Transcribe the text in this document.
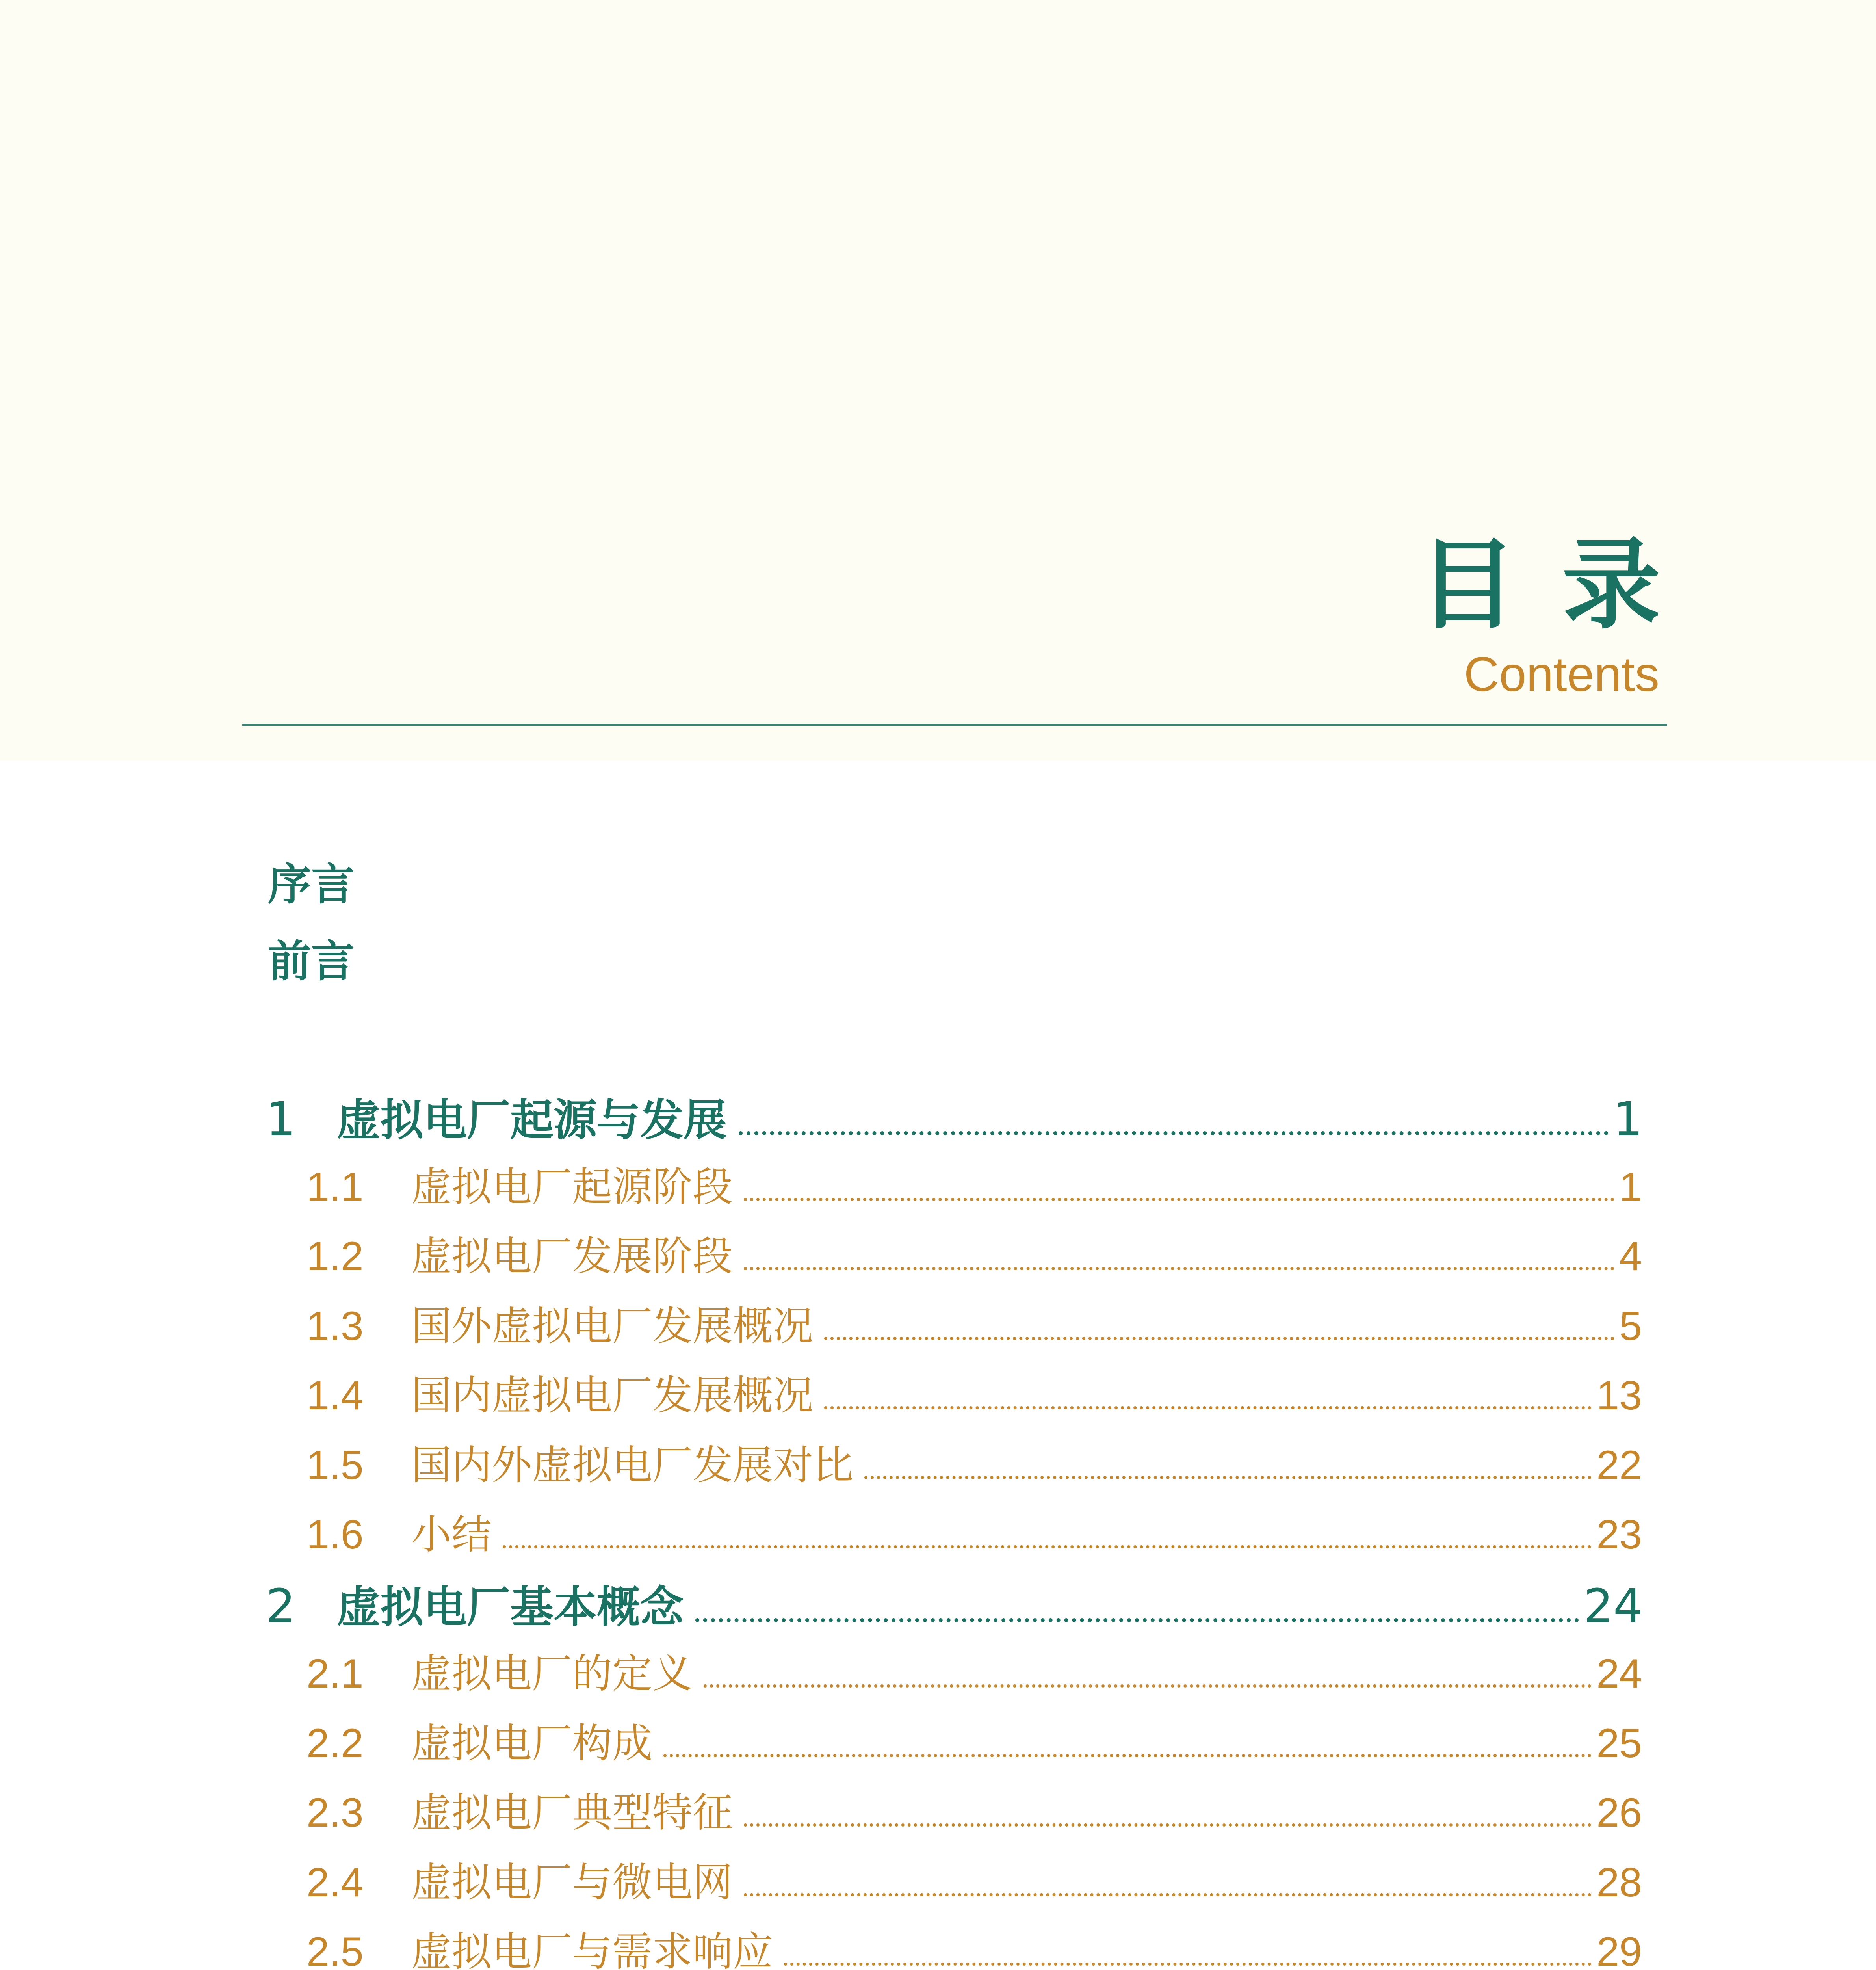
目录
Contents
序言
前言
1 虚拟电厂起源与发展	1
1.1	虚拟电厂起源阶段	1
1.2	虚拟电厂发展阶段	4
1.3	国外虚拟电厂发展概况	5
1.4	国内虚拟电厂发展概况	13
1.5	国内外虚拟电厂发展对比	22
1.6	小结	23
2 虚拟电厂基本概念	24
2.1	虚拟电厂的定义	24
2.2	虚拟电厂构成	25
2.3	虚拟电厂典型特征	26
2.4	虚拟电厂与微电网	28
2.5	虚拟电厂与需求响应	29
